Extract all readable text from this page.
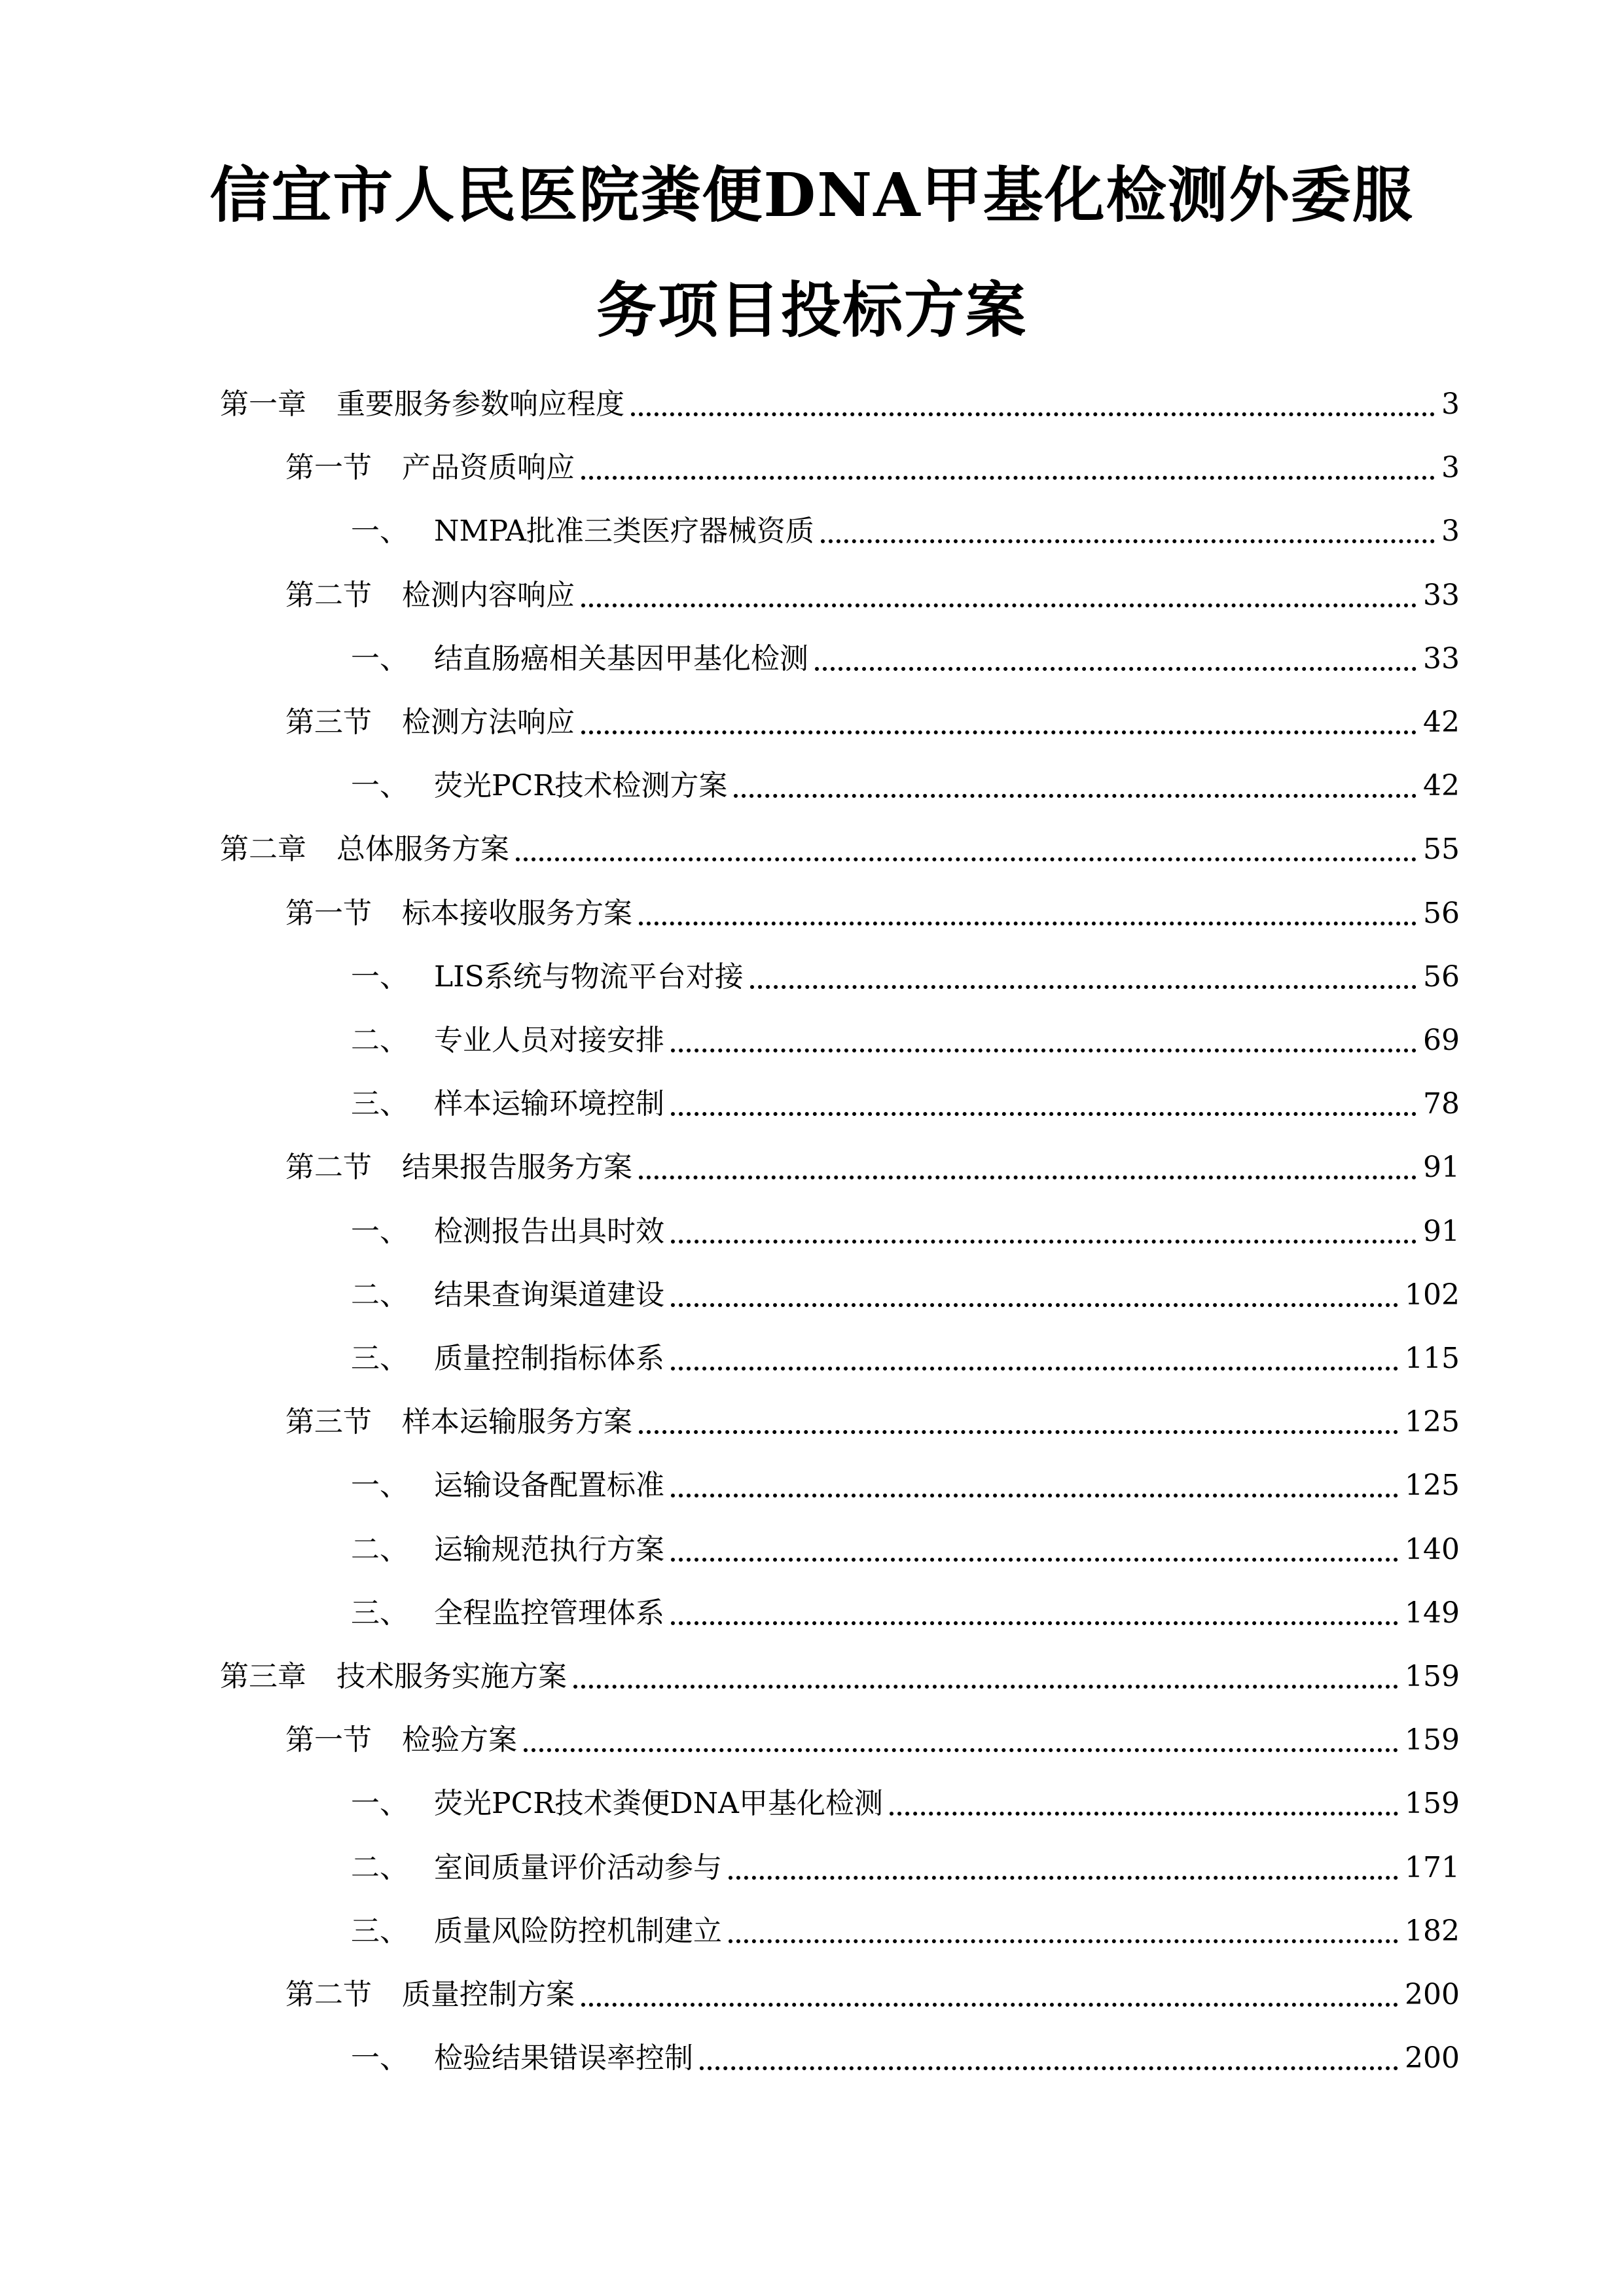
信宜市人民医院粪便DNA甲基化检测外委服
务项目投标方案
第一章	重要服务参数响应程度	3
第一节	产品资质响应	3
一、 NMPA批准三类医疗器械资质	3
第二节	检测内容响应	33
一、 结直肠癌相关基因甲基化检测	33
第三节	检测方法响应	42
一、 荧光PCR技术检测方案	42
第二章	总体服务方案	55
第一节	标本接收服务方案	56
一、 LIS系统与物流平台对接	56
二、 专业人员对接安排	69
三、 样本运输环境控制	78
第二节	结果报告服务方案	91
一、 检测报告出具时效	91
二、 结果查询渠道建设	102
三、 质量控制指标体系	115
第三节	样本运输服务方案	125
一、 运输设备配置标准	125
二、 运输规范执行方案	140
三、 全程监控管理体系	149
第三章	技术服务实施方案	159
第一节	检验方案	159
一、 荧光PCR技术粪便DNA甲基化检测	159
二、 室间质量评价活动参与	171
三、 质量风险防控机制建立	182
第二节	质量控制方案	200
一、 检验结果错误率控制	200
